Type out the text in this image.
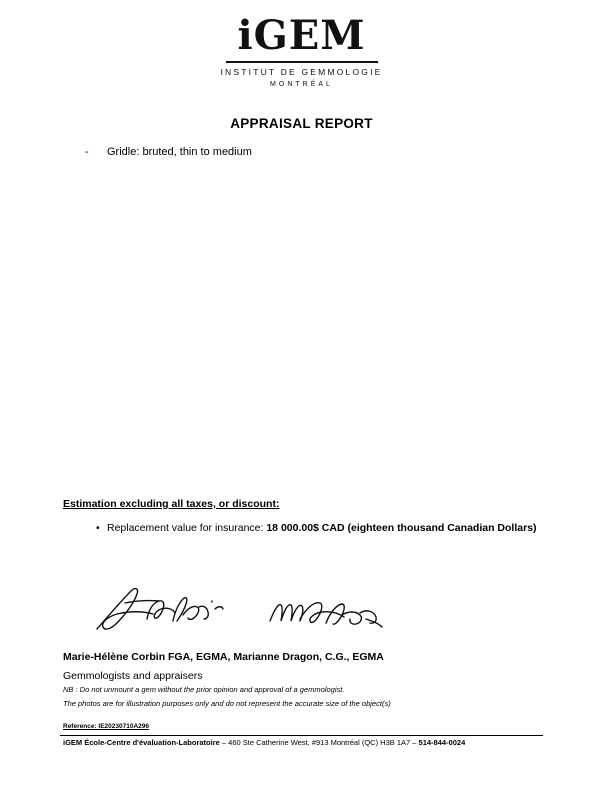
iGEM
INSTITUT DE GEMMOLOGIE
MONTRÉAL
APPRAISAL REPORT
- Gridle: bruted, thin to medium
Estimation excluding all taxes, or discount:
• Replacement value for insurance: 18 000.00$ CAD (eighteen thousand Canadian Dollars)
Marie-Hélène Corbin FGA, EGMA, Marianne Dragon, C.G., EGMA
Gemmologists and appraisers
NB : Do not unmount a gem without the prior opinion and approval of a gemmologist.
The photos are for illustration purposes only and do not represent the accurate size of the object(s)
Reference: IE20230710A296
iGEM École-Centre d'évaluation-Laboratoire – 460 Ste Catherine West, #913 Montréal (QC) H3B 1A7 – 514-844-0024
